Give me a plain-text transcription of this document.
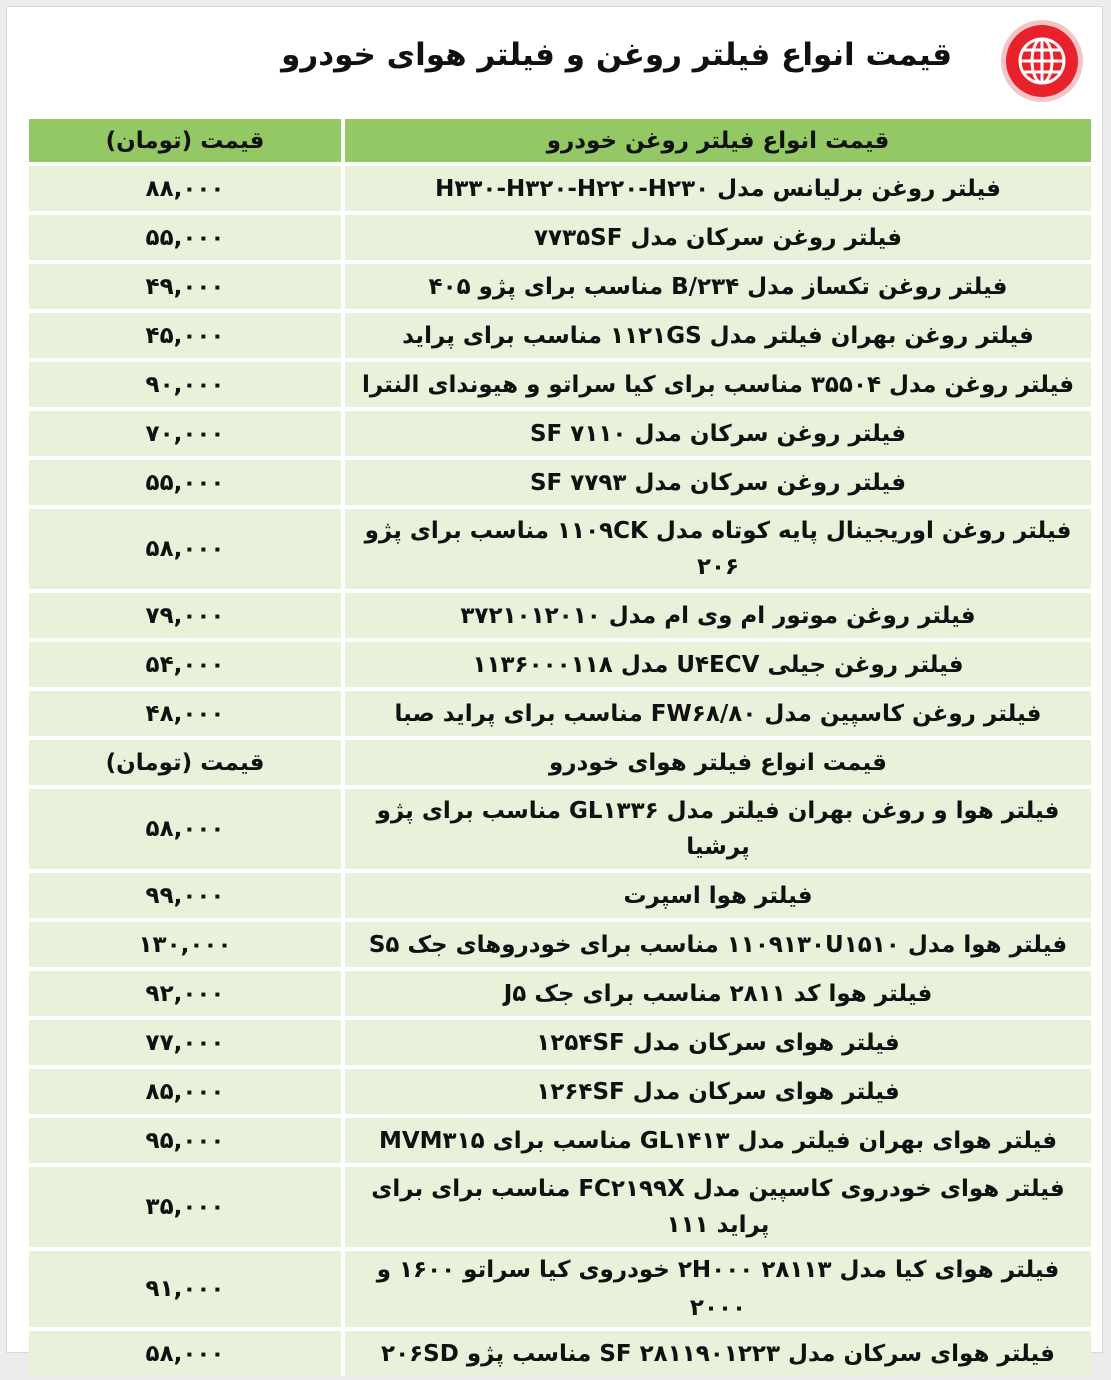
قیمت انواع فیلتر روغن و فیلتر هوای خودرو
قیمت انواع فیلتر روغن خودرو	قیمت (تومان)
فیلتر روغن برلیانس مدل H۳۳۰-H۳۲۰-H۲۲۰-H۲۳۰	۸۸,۰۰۰
فیلتر روغن سرکان مدل ۷۷۳۵SF	۵۵,۰۰۰
فیلتر روغن تکساز مدل B/۲۳۴ مناسب برای پژو ۴۰۵	۴۹,۰۰۰
فیلتر روغن بهران فیلتر مدل ۱۱۲۱GS مناسب برای پراید	۴۵,۰۰۰
فیلتر روغن مدل ۳۵۵۰۴ مناسب برای کیا سراتو و هیوندای النترا	۹۰,۰۰۰
فیلتر روغن سرکان مدل ۷۱۱۰ SF	۷۰,۰۰۰
فیلتر روغن سرکان مدل ۷۷۹۳ SF	۵۵,۰۰۰
فیلتر روغن اوریجینال پایه کوتاه مدل ۱۱۰۹CK مناسب برای پژو ۲۰۶	۵۸,۰۰۰
فیلتر روغن موتور ام وی ام مدل ۳۷۲۱۰۱۲۰۱۰	۷۹,۰۰۰
فیلتر روغن جیلی U۴ECV مدل ۱۱۳۶۰۰۰۱۱۸	۵۴,۰۰۰
فیلتر روغن کاسپین مدل ۸۰/FW۶۸ مناسب برای پراید صبا	۴۸,۰۰۰
قیمت انواع فیلتر هوای خودرو	قیمت (تومان)
فیلتر هوا و روغن بهران فیلتر مدل GL۱۳۳۶ مناسب برای پژو پرشیا	۵۸,۰۰۰
فیلتر هوا اسپرت	۹۹,۰۰۰
فیلتر هوا مدل ۱۱۰۹۱۳۰U۱۵۱۰ مناسب برای خودروهای جک S۵	۱۳۰,۰۰۰
فیلتر هوا کد ۲۸۱۱ مناسب برای جک J۵	۹۲,۰۰۰
فیلتر هوای سرکان مدل ۱۲۵۴SF	۷۷,۰۰۰
فیلتر هوای سرکان مدل ۱۲۶۴SF	۸۵,۰۰۰
فیلتر هوای بهران فیلتر مدل GL۱۴۱۳ مناسب برای MVM۳۱۵	۹۵,۰۰۰
فیلتر هوای خودروی کاسپین مدل FC۲۱۹۹X مناسب برای برای پراید ۱۱۱	۳۵,۰۰۰
فیلتر هوای کیا مدل ۲۸۱۱۳ ۲H۰۰۰ خودروی کیا سراتو ۱۶۰۰ و ۲۰۰۰	۹۱,۰۰۰
فیلتر هوای سرکان مدل SF ۲۸۱۱۹۰۱۲۲۳ مناسب پژو ۲۰۶SD	۵۸,۰۰۰
